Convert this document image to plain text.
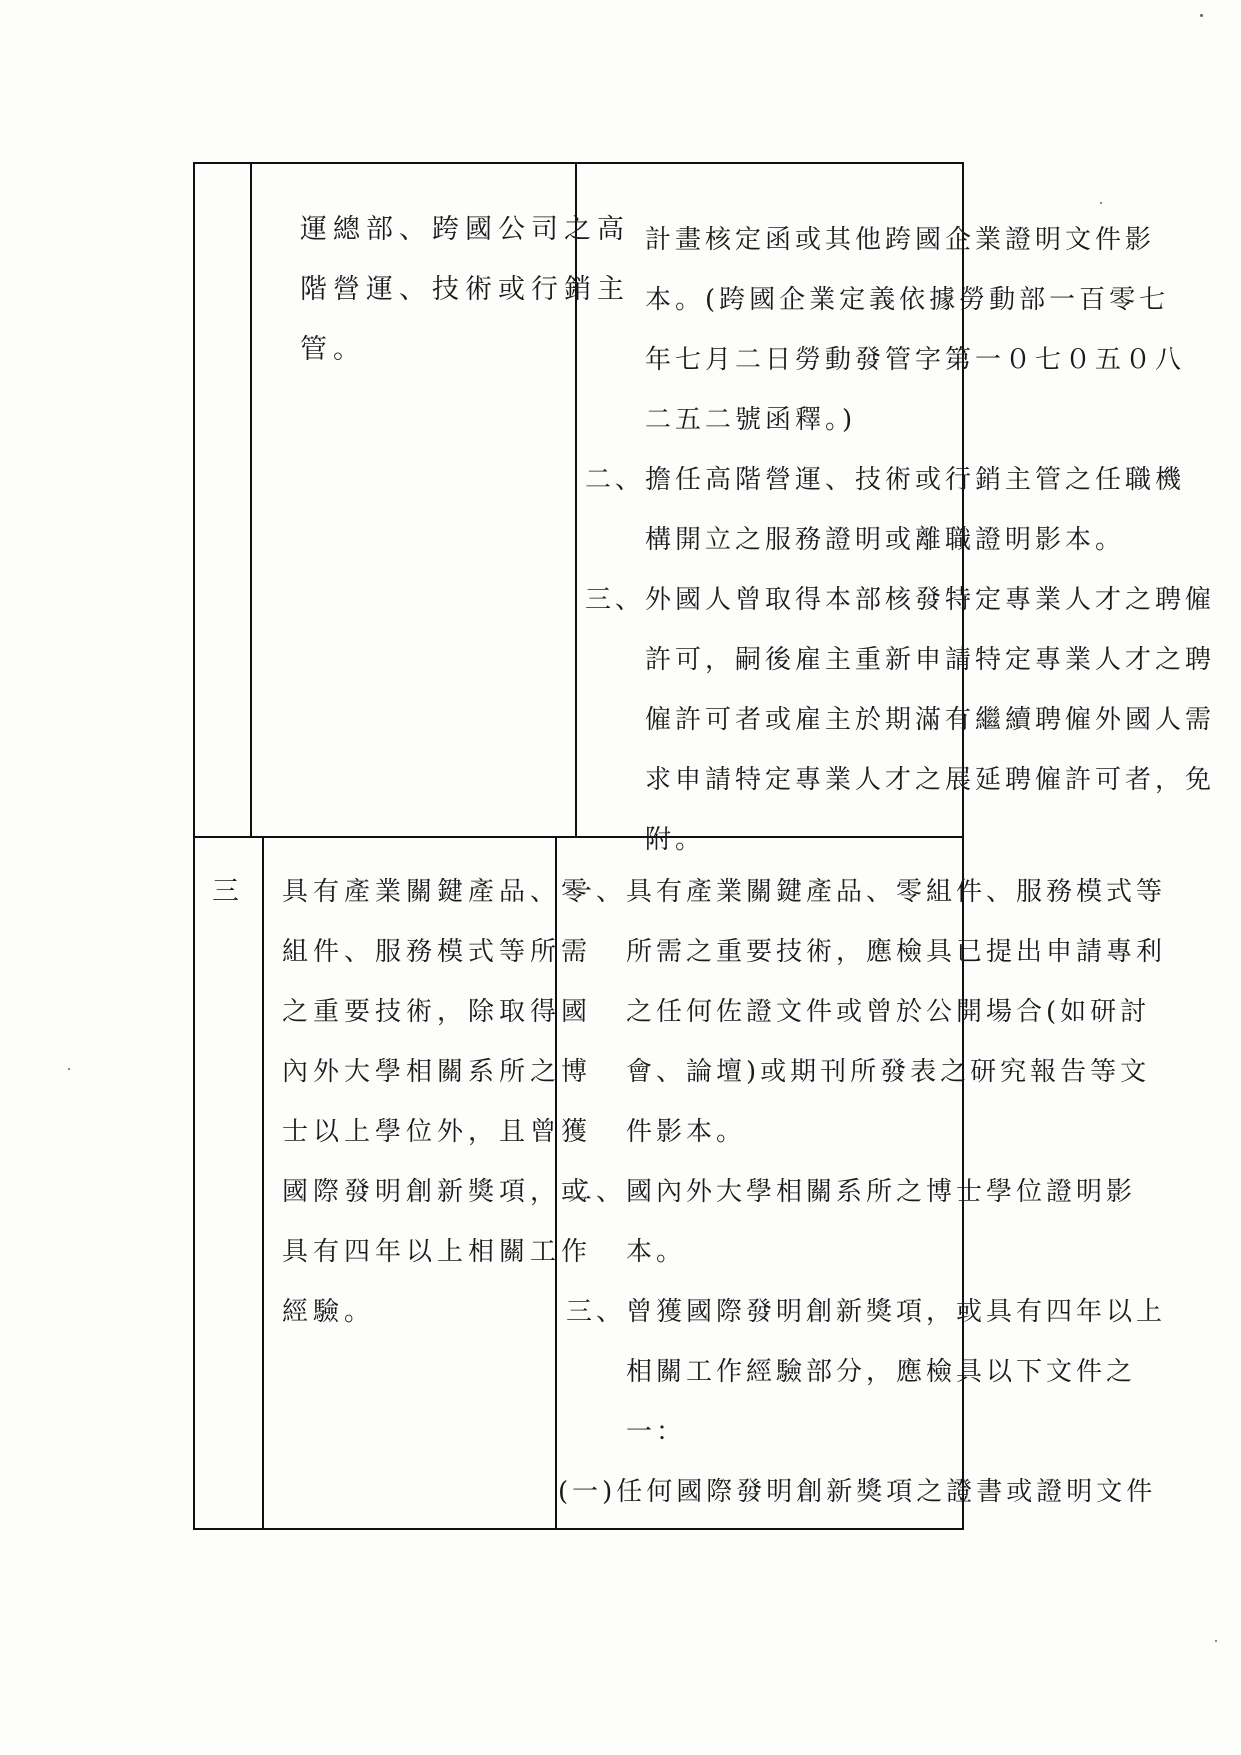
運總部、跨國公司之高
階營運、技術或行銷主
管。
　　計畫核定函或其他跨國企業證明文件影
　　本。(跨國企業定義依據勞動部一百零七
　　年七月二日勞動發管字第一０七０五０八
　　二五二號函釋。)
二、擔任高階營運、技術或行銷主管之任職機
　　構開立之服務證明或離職證明影本。
三、外國人曾取得本部核發特定專業人才之聘僱
　　許可，嗣後雇主重新申請特定專業人才之聘
　　僱許可者或雇主於期滿有繼續聘僱外國人需
　　求申請特定專業人才之展延聘僱許可者，免
　　附。
三 具有產業關鍵產品、零
組件、服務模式等所需
之重要技術，除取得國
內外大學相關系所之博
士以上學位外，且曾獲
國際發明創新獎項，或
具有四年以上相關工作
經驗。
一、具有產業關鍵產品、零組件、服務模式等
　　所需之重要技術，應檢具已提出申請專利
　　之任何佐證文件或曾於公開場合(如研討
　　會、論壇)或期刊所發表之研究報告等文
　　件影本。
二、國內外大學相關系所之博士學位證明影
　　本。
三、曾獲國際發明創新獎項，或具有四年以上
　　相關工作經驗部分，應檢具以下文件之
　　一：
(一)任何國際發明創新獎項之證書或證明文件
